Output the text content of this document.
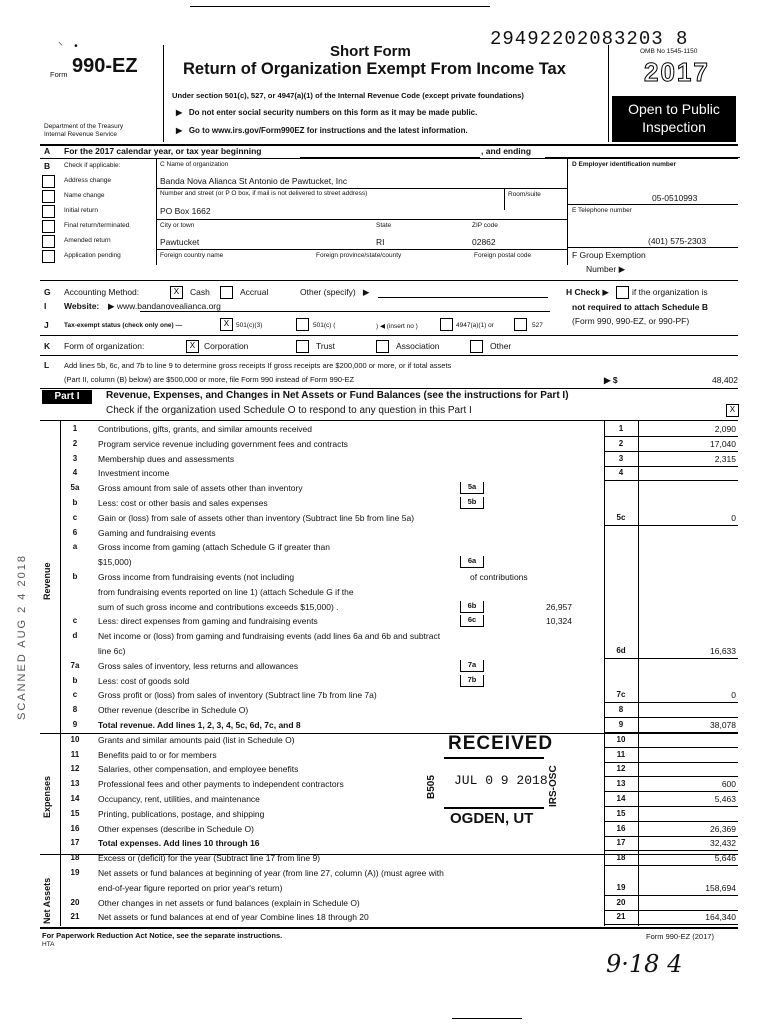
⸌    •
Form 990-EZ
Department of the Treasury
Internal Revenue Service
Short Form
Return of Organization Exempt From Income Tax
Under section 501(c), 527, or 4947(a)(1) of the Internal Revenue Code (except private foundations)
▶   Do not enter social security numbers on this form as it may be made public.
▶   Go to www.irs.gov/Form990EZ for instructions and the latest information.
29492202083203 8
OMB No 1545-1150
2017
Open to Public Inspection
A For the 2017 calendar year, or tax year beginning	, and ending
B Check if applicable:
Address change
Name change
Initial return
Final return/terminated
Amended return
Application pending
C Name of organization
Banda Nova Alianca St Antonio de Pawtucket, Inc
Number and street (or P O box, if mail is not delivered to street address)	Room/suite
PO Box 1662
City or town	State	ZIP code
Pawtucket	RI	02862
Foreign country name	Foreign province/state/county	Foreign postal code
D Employer identification number
05-0510993
E Telephone number
(401) 575-2303
F Group Exemption
Number ▶
G Accounting Method:	X	Cash	Accrual	Other (specify)   ▶
I Website: ▶ www.bandanovealianca.org
H Check ▶	if the organization is
not required to attach Schedule B
(Form 990, 990-EZ, or 990-PF)
J Tax-exempt status (check only one) —	X	501(c)(3)	501(c) (	) ◀ (insert no )	4947(a)(1) or	527
K Form of organization:	X	Corporation	Trust	Association	Other
L Add lines 5b, 6c, and 7b to line 9 to determine gross receipts If gross receipts are $200,000 or more, or if total assets
(Part II, column (B) below) are $500,000 or more, file Form 990 instead of Form 990-EZ	▶ $	48,402
Part I	Revenue, Expenses, and Changes in Net Assets or Fund Balances (see the instructions for Part I)
Check if the organization used Schedule O to respond to any question in this Part I	X
1	Contributions, gifts, grants, and similar amounts received	1	2,090
2	Program service revenue including government fees and contracts	2	17,040
3	Membership dues and assessments	3	2,315
4	Investment income	4
5a	Gross amount from sale of assets other than inventory	5a
b	Less: cost or other basis and sales expenses	5b
c	Gain or (loss) from sale of assets other than inventory (Subtract line 5b from line 5a)	5c	0
6	Gaming and fundraising events
a	Gross income from gaming (attach Schedule G if greater than
$15,000)	6a
b	Gross income from fundraising events (not including	of contributions
from fundraising events reported on line 1) (attach Schedule G if the
sum of such gross income and contributions exceeds $15,000) .	6b	26,957
c	Less: direct expenses from gaming and fundraising events	6c	10,324
d	Net income or (loss) from gaming and fundraising events (add lines 6a and 6b and subtract
line 6c)	6d	16,633
7a	Gross sales of inventory, less returns and allowances	7a
b	Less: cost of goods sold	7b
c	Gross profit or (loss) from sales of inventory (Subtract line 7b from line 7a)	7c	0
8	Other revenue (describe in Schedule O)	8
9	Total revenue. Add lines 1, 2, 3, 4, 5c, 6d, 7c, and 8	9	38,078
10	Grants and similar amounts paid (list in Schedule O)	10
11	Benefits paid to or for members	11
12	Salaries, other compensation, and employee benefits	12
13	Professional fees and other payments to independent contractors	13	600
14	Occupancy, rent, utilities, and maintenance	14	5,463
15	Printing, publications, postage, and shipping	15
16	Other expenses (describe in Schedule O)	16	26,369
17	Total expenses. Add lines 10 through 16	17	32,432
18	Excess or (deficit) for the year (Subtract line 17 from line 9)	18	5,646
19	Net assets or fund balances at beginning of year (from line 27, column (A)) (must agree with
end-of-year figure reported on prior year's return)	19	158,694
20	Other changes in net assets or fund balances (explain in Schedule O)	20
21	Net assets or fund balances at end of year Combine lines 18 through 20	21	164,340
Revenue
Expenses
Net Assets
RECEIVED
JUL 0 9 2018
OGDEN, UT
B505	IRS-OSC
SCANNED AUG 2 4 2018
For Paperwork Reduction Act Notice, see the separate instructions.
HTA
Form 990-EZ (2017)
9·18 4
